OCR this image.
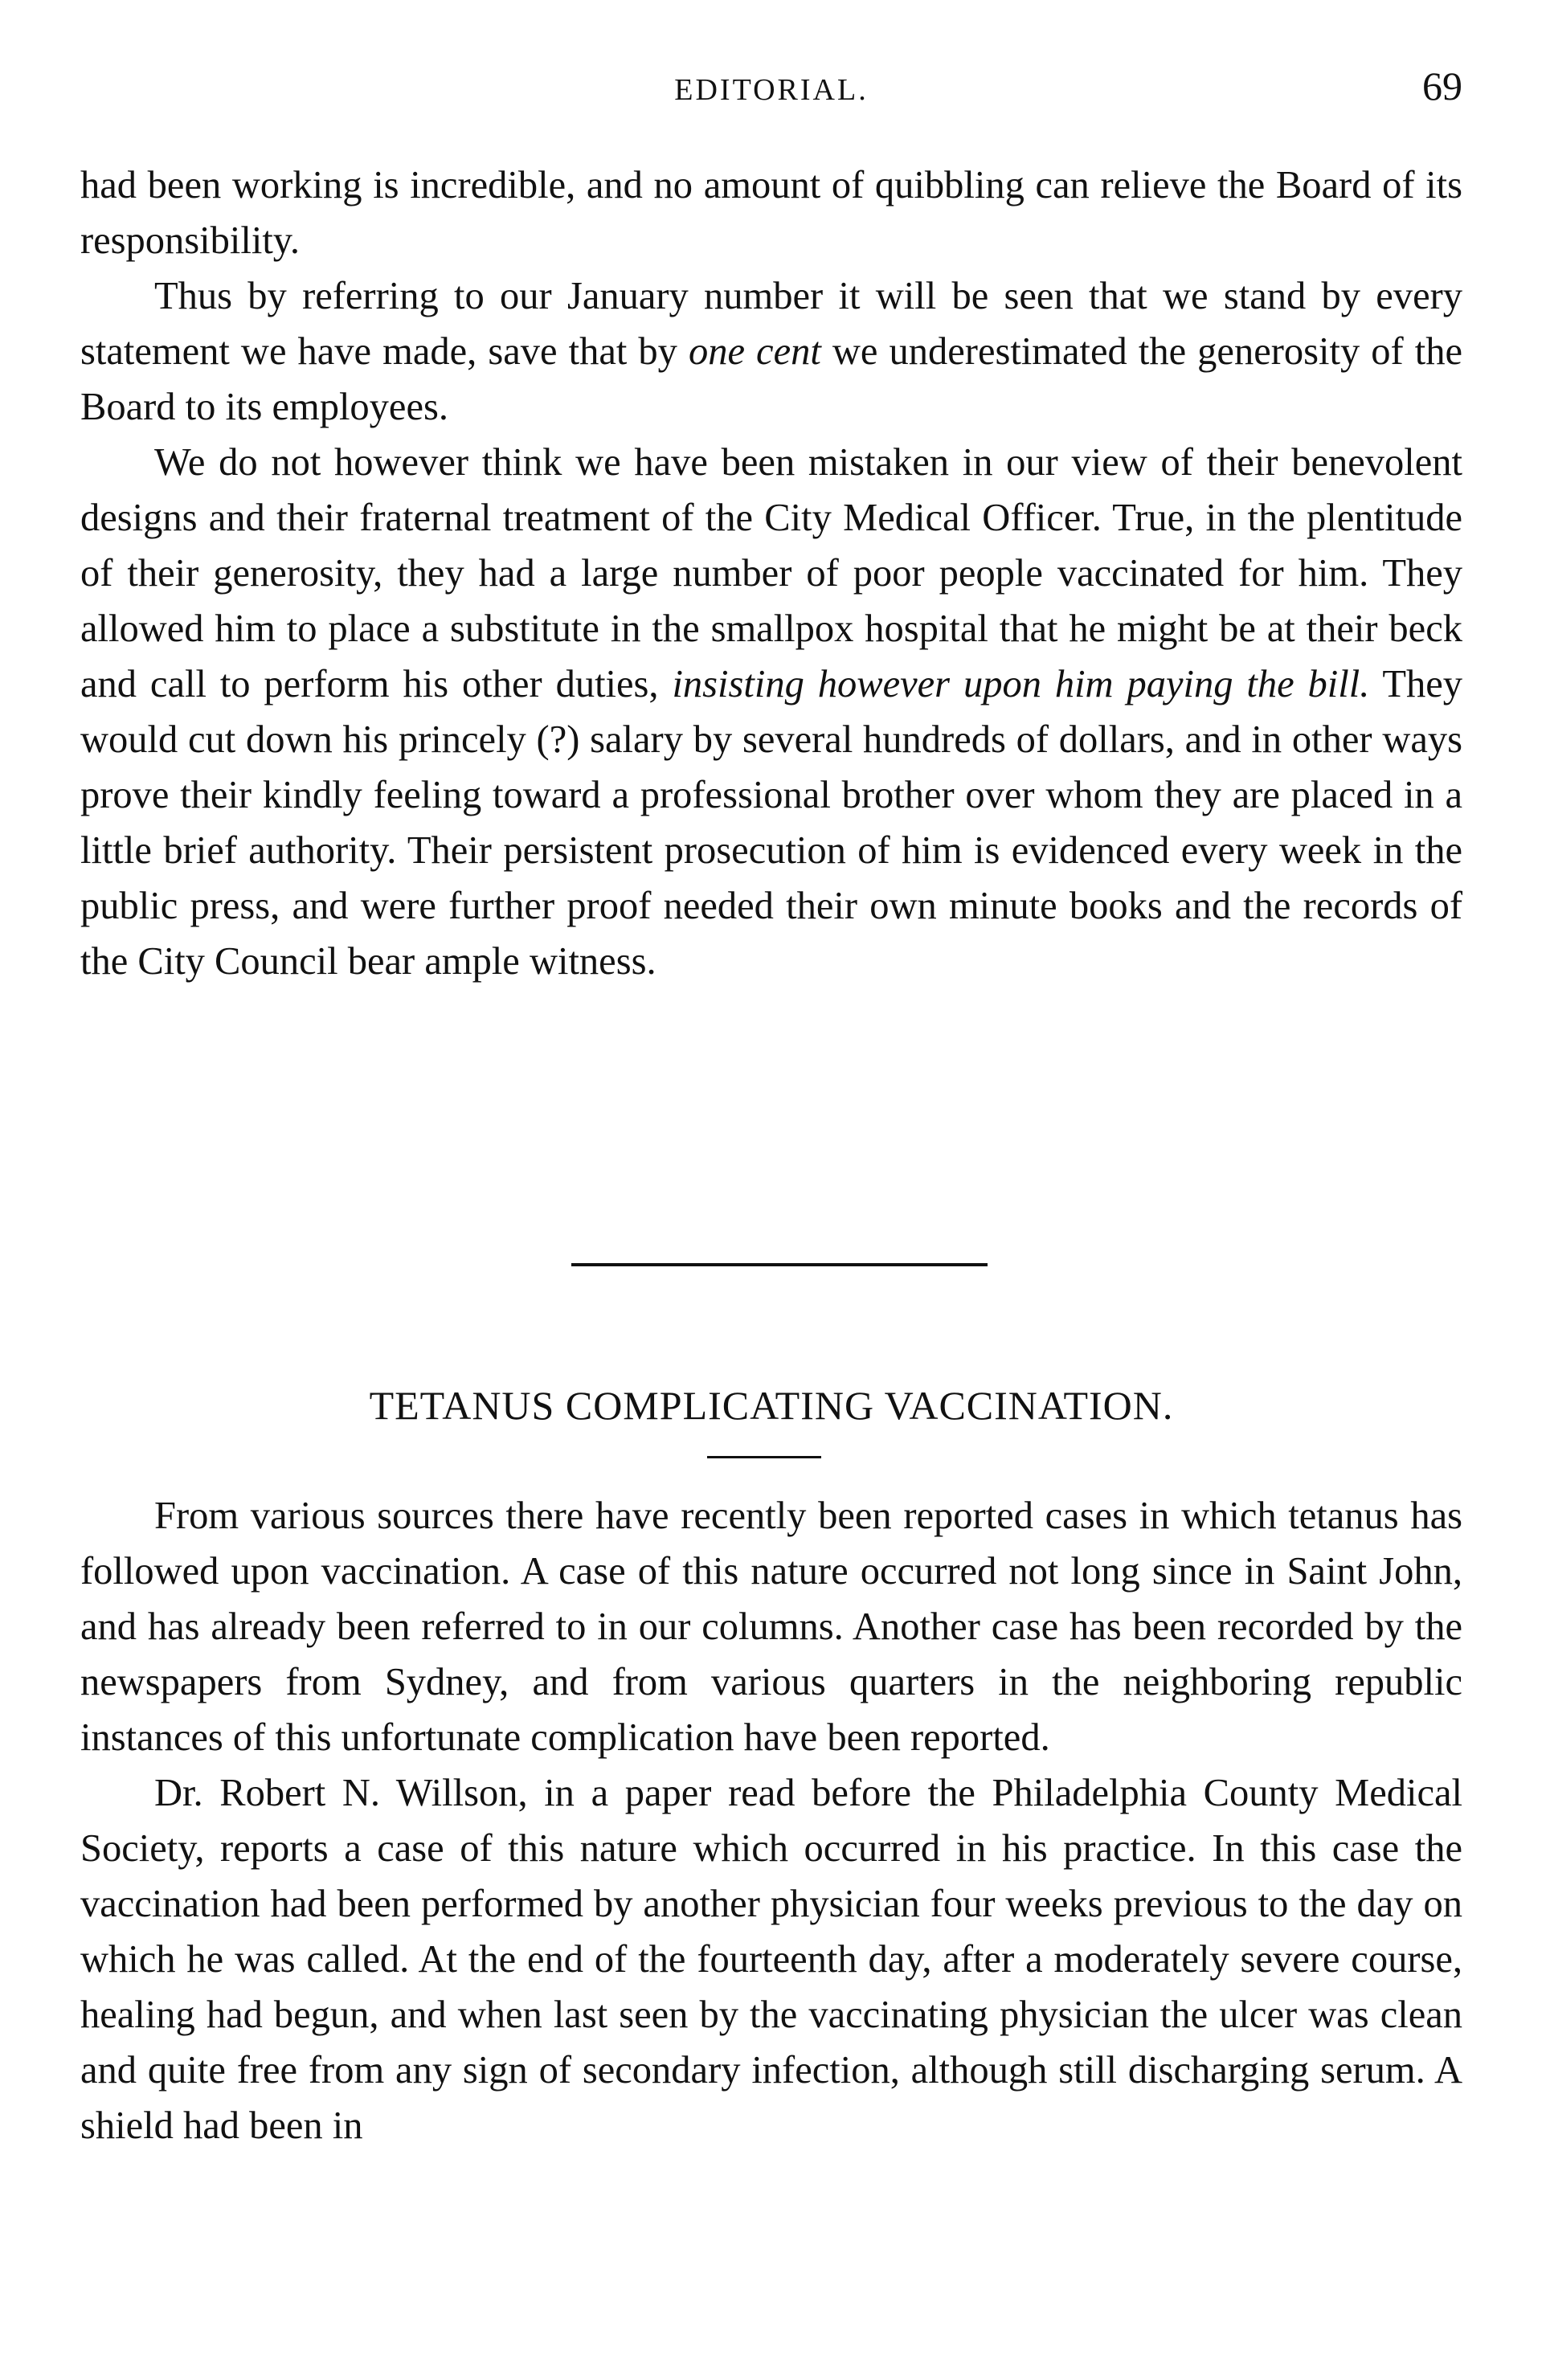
EDITORIAL.	69

had been working is incredible, and no amount of quibbling can relieve the Board of its responsibility.

Thus by referring to our January number it will be seen that we stand by every statement we have made, save that by one cent we underestimated the generosity of the Board to its employees.

We do not however think we have been mistaken in our view of their benevolent designs and their fraternal treatment of the City Medical Officer. True, in the plentitude of their generosity, they had a large number of poor people vaccinated for him. They allowed him to place a substitute in the smallpox hospital that he might be at their beck and call to perform his other duties, insisting however upon him paying the bill. They would cut down his princely (?) salary by several hundreds of dollars, and in other ways prove their kindly feeling toward a professional brother over whom they are placed in a little brief authority. Their persistent prosecution of him is evidenced every week in the public press, and were further proof needed their own minute books and the records of the City Council bear ample witness.

TETANUS COMPLICATING VACCINATION.

From various sources there have recently been reported cases in which tetanus has followed upon vaccination. A case of this nature occurred not long since in Saint John, and has already been referred to in our columns. Another case has been recorded by the newspapers from Sydney, and from various quarters in the neighboring republic instances of this unfortunate complication have been reported.

Dr. Robert N. Willson, in a paper read before the Philadelphia County Medical Society, reports a case of this nature which occurred in his practice. In this case the vaccination had been performed by another physician four weeks previous to the day on which he was called. At the end of the fourteenth day, after a moderately severe course, healing had begun, and when last seen by the vaccinating physician the ulcer was clean and quite free from any sign of secondary infection, although still discharging serum. A shield had been in
